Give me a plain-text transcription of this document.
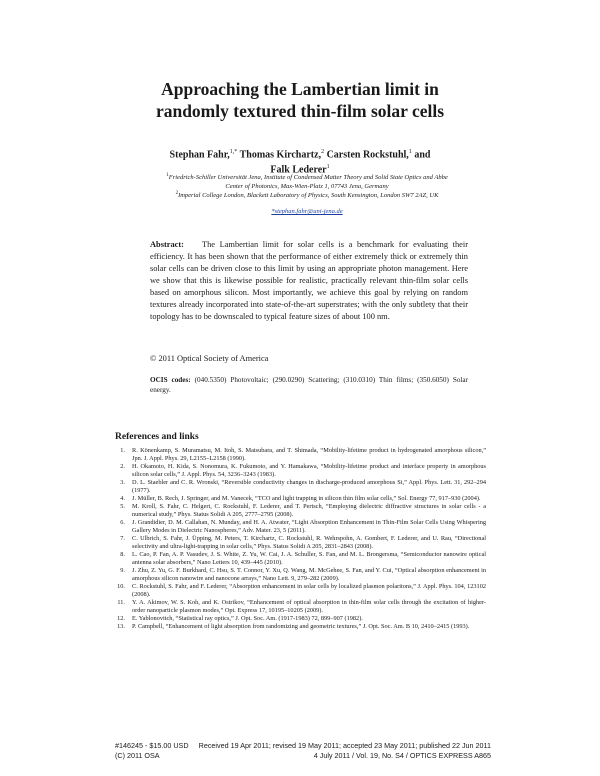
Approaching the Lambertian limit in
randomly textured thin-film solar cells
Stephan Fahr,$^{1,*}$ Thomas Kirchartz,$^2$ Carsten Rockstuhl,$^1$ and
Falk Lederer$^1$
$^1$Friedrich-Schiller Universität Jena, Institute of Condensed Matter Theory and Solid State Optics and Abbe Center of Photonics, Max-Wien-Platz 1, 07743 Jena, Germany
$^2$Imperial College London, Blackett Laboratory of Physics, South Kensington, London SW7 2AZ, UK
*stephan.fahr@uni-jena.de
Abstract: The Lambertian limit for solar cells is a benchmark for evaluating their efficiency. It has been shown that the performance of either extremely thick or extremely thin solar cells can be driven close to this limit by using an appropriate photon management. Here we show that this is likewise possible for realistic, practically relevant thin-film solar cells based on amorphous silicon. Most importantly, we achieve this goal by relying on random textures already incorporated into state-of-the-art superstrates; with the only subtlety that their topology has to be downscaled to typical feature sizes of about 100 nm.
© 2011 Optical Society of America
OCIS codes: (040.5350) Photovoltaic; (290.0290) Scattering; (310.0310) Thin films; (350.6050) Solar energy.
References and links
1. R. Könenkamp, S. Muramatsu, M. Itoh, S. Matsubara, and T. Shimada, “Mobility-lifetime product in hydrogenated amorphous silicon,” Jpn. J. Appl. Phys. 29, L2155–L2158 (1990).
2. H. Okamoto, H. Kida, S. Nonomura, K. Fukumoto, and Y. Hamakawa, “Mobility-lifetime product and interface property in amorphous silicon solar cells,” J. Appl. Phys. 54, 3236–3243 (1983).
3. D. L. Staebler and C. R. Wronski, “Reversible conductivity changes in discharge-produced amorphous Si,” Appl. Phys. Lett. 31, 292–294 (1977).
4. J. Müller, B. Rech, J. Springer, and M. Vanecek, “TCO and light trapping in silicon thin film solar cells,” Sol. Energy 77, 917–930 (2004).
5. M. Kroll, S. Fahr, C. Helgert, C. Rockstuhl, F. Lederer, and T. Pertsch, “Employing dielectric diffractive structures in solar cells - a numerical study,” Phys. Status Solidi A 205, 2777–2795 (2008).
6. J. Grandidier, D. M. Callahan, N. Munday, and H. A. Atwater, “Light Absorption Enhancement in Thin-Film Solar Cells Using Whispering Gallery Modes in Dielectric Nanospheres,” Adv. Mater. 23, 5 (2011).
7. C. Ulbrich, S. Fahr, J. Üpping, M. Peters, T. Kirchartz, C. Rockstuhl, R. Wehrspohn, A. Gombert, F. Lederer, and U. Rau, “Directional selectivity and ultra-light-trapping in solar cells,” Phys. Status Solidi A 205, 2831–2843 (2008).
8. L. Cao, P. Fan, A. P. Vasudev, J. S. White, Z. Yu, W. Cai, J. A. Schuller, S. Fan, and M. L. Brongersma, “Semiconductor nanowire optical antenna solar absorbers,” Nano Letters 10, 439–445 (2010).
9. J. Zhu, Z. Yu, G. F. Burkhard, C. Hsu, S. T. Connor, Y. Xu, Q. Wang, M. McGehee, S. Fan, and Y. Cui, “Optical absorption enhancement in amorphous silicon nanowire and nanocone arrays,” Nano Lett. 9, 279–282 (2009).
10. C. Rockstuhl, S. Fahr, and F. Lederer, “Absorption enhancement in solar cells by localized plasmon polaritons,” J. Appl. Phys. 104, 123102 (2008).
11. Y. A. Akimov, W. S. Koh, and K. Ostrikov, “Enhancement of optical absorption in thin-film solar cells through the excitation of higher-order nanoparticle plasmon modes,” Opt. Express 17, 10195–10205 (2009).
12. E. Yablonovitch, “Statistical ray optics,” J. Opt. Soc. Am. (1917-1983) 72, 899–907 (1982).
13. P. Campbell, “Enhancement of light absorption from randomizing and geometric textures,” J. Opt. Soc. Am. B 10, 2410–2415 (1993).
#146245 - $15.00 USD Received 19 Apr 2011; revised 19 May 2011; accepted 23 May 2011; published 22 Jun 2011
(C) 2011 OSA	4 July 2011 / Vol. 19, No. S4 / OPTICS EXPRESS A865
